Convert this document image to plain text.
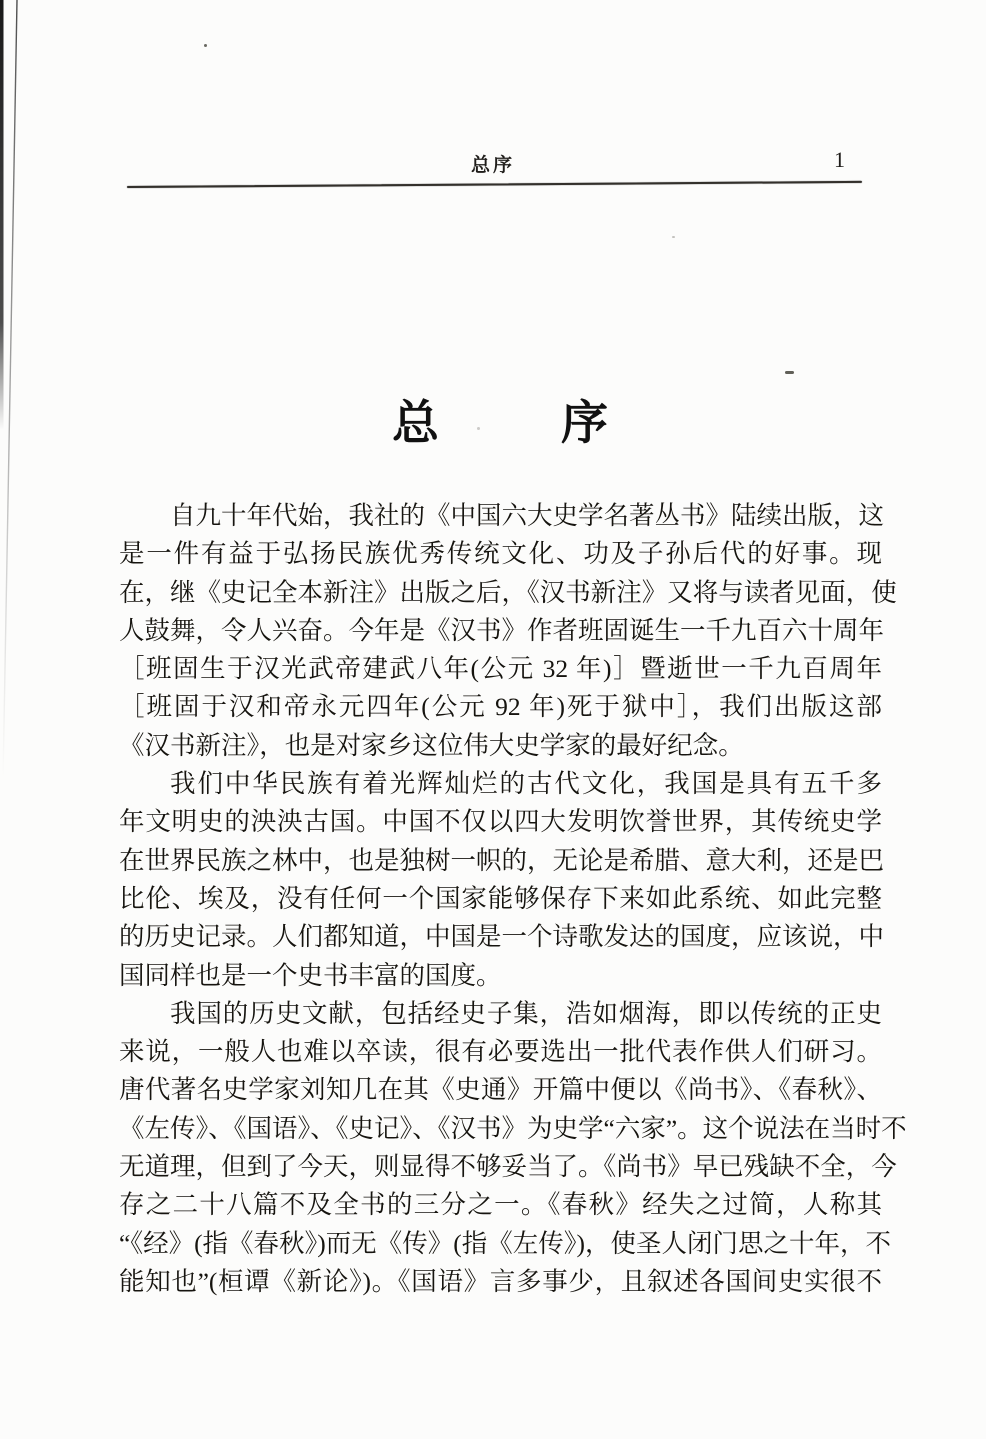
总序	1
总	序
自九十年代始，我社的《中国六大史学名著丛书》陆续出版，这
是一件有益于弘扬民族优秀传统文化、功及子孙后代的好事。现
在，继《史记全本新注》出版之后，《汉书新注》又将与读者见面，使
人鼓舞，令人兴奋。今年是《汉书》作者班固诞生一千九百六十周年
［班固生于汉光武帝建武八年(公元 32 年)］暨逝世一千九百周年
［班固于汉和帝永元四年(公元 92 年)死于狱中］，我们出版这部
《汉书新注》，也是对家乡这位伟大史学家的最好纪念。
我们中华民族有着光辉灿烂的古代文化，我国是具有五千多
年文明史的泱泱古国。中国不仅以四大发明饮誉世界，其传统史学
在世界民族之林中，也是独树一帜的，无论是希腊、意大利，还是巴
比伦、埃及，没有任何一个国家能够保存下来如此系统、如此完整
的历史记录。人们都知道，中国是一个诗歌发达的国度，应该说，中
国同样也是一个史书丰富的国度。
我国的历史文献，包括经史子集，浩如烟海，即以传统的正史
来说，一般人也难以卒读，很有必要选出一批代表作供人们研习。
唐代著名史学家刘知几在其《史通》开篇中便以《尚书》、《春秋》、
《左传》、《国语》、《史记》、《汉书》为史学“六家”。这个说法在当时不
无道理，但到了今天，则显得不够妥当了。《尚书》早已残缺不全，今
存之二十八篇不及全书的三分之一。《春秋》经失之过简，人称其
“《经》(指《春秋》)而无《传》(指《左传》)，使圣人闭门思之十年，不
能知也”(桓谭《新论》)。《国语》言多事少，且叙述各国间史实很不
